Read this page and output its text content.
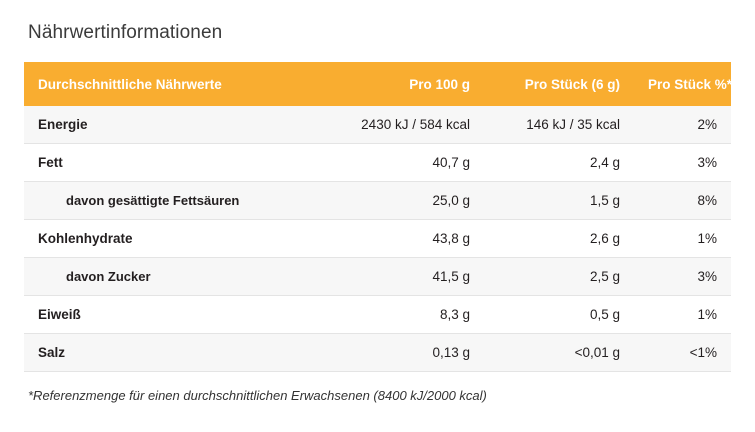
Nährwertinformationen
Durchschnittliche Nährwerte	Pro 100 g	Pro Stück (6 g)	Pro Stück %*
Energie	2430 kJ / 584 kcal	146 kJ / 35 kcal	2%
Fett	40,7 g	2,4 g	3%
davon gesättigte Fettsäuren	25,0 g	1,5 g	8%
Kohlenhydrate	43,8 g	2,6 g	1%
davon Zucker	41,5 g	2,5 g	3%
Eiweiß	8,3 g	0,5 g	1%
Salz	0,13 g	<0,01 g	<1%

*Referenzmenge für einen durchschnittlichen Erwachsenen (8400 kJ/2000 kcal)
